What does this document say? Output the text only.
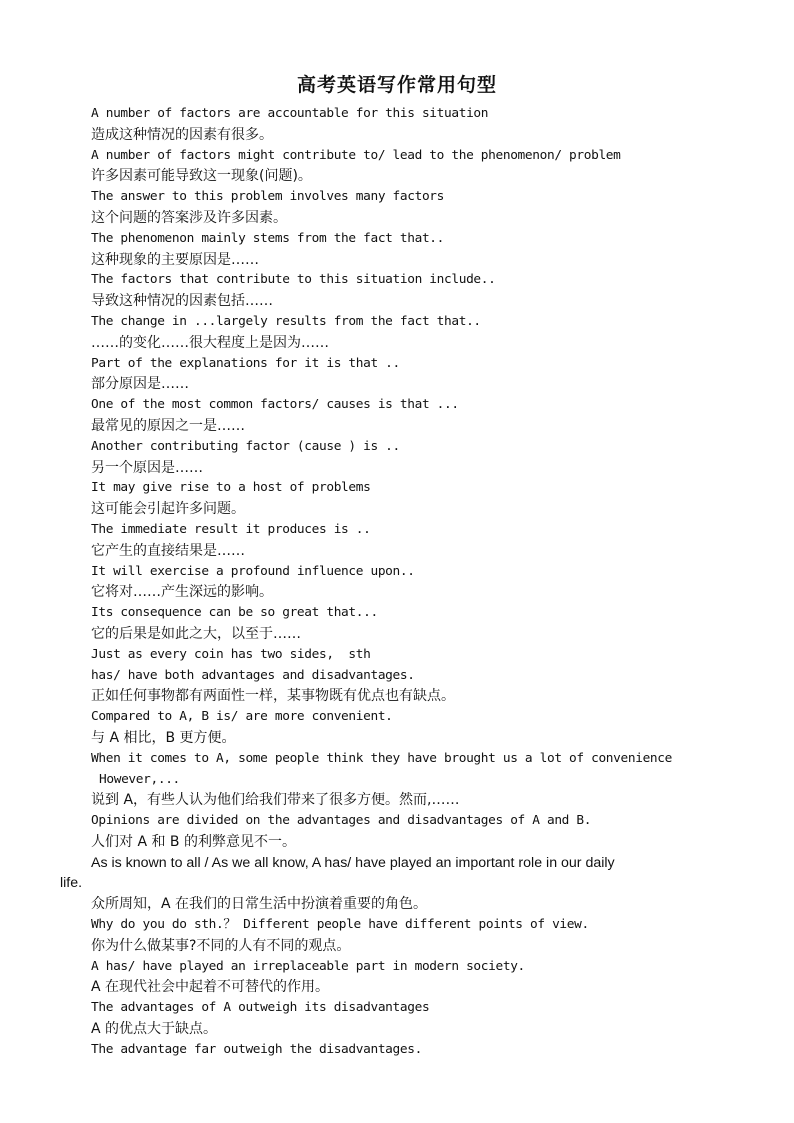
高考英语写作常用句型
A number of factors are accountable for this situation
造成这种情况的因素有很多。
A number of factors might contribute to/ lead to the phenomenon/ problem
许多因素可能导致这一现象(问题)。
The answer to this problem involves many factors
这个问题的答案涉及许多因素。
The phenomenon mainly stems from the fact that..
这种现象的主要原因是……
The factors that contribute to this situation include..
导致这种情况的因素包括……
The change in ...largely results from the fact that..
……的变化……很大程度上是因为……
Part of the explanations for it is that ..
部分原因是……
One of the most common factors/ causes is that ...
最常见的原因之一是……
Another contributing factor (cause ) is ..
另一个原因是……
It may give rise to a host of problems
这可能会引起许多问题。
The immediate result it produces is ..
它产生的直接结果是……
It will exercise a profound influence upon..
它将对……产生深远的影响。
Its consequence can be so great that...
它的后果是如此之大，以至于……
Just as every coin has two sides,  sth
has/ have both advantages and disadvantages.
正如任何事物都有两面性一样，某事物既有优点也有缺点。
Compared to A, B is/ are more convenient.
与 A 相比，B 更方便。
When it comes to A, some people think they have brought us a lot of convenience
However,...
说到 A，有些人认为他们给我们带来了很多方便。然而,……
Opinions are divided on the advantages and disadvantages of A and B.
人们对 A 和 B 的利弊意见不一。
As is known to all / As we all know, A has/ have played an important role in our daily
life.
众所周知，A 在我们的日常生活中扮演着重要的角色。
Why do you do sth.？ Different people have different points of view.
你为什么做某事?不同的人有不同的观点。
A has/ have played an irreplaceable part in modern society.
A 在现代社会中起着不可替代的作用。
The advantages of A outweigh its disadvantages
A 的优点大于缺点。
The advantage far outweigh the disadvantages.
